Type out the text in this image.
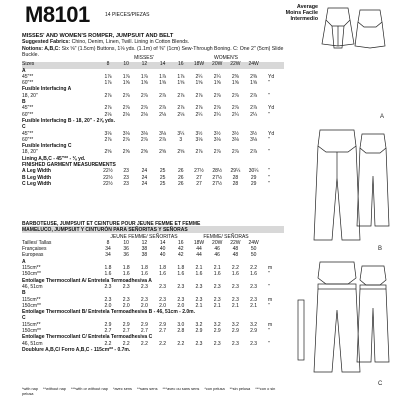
M8101	14 PIECES/PIEZAS
Average
Moins Facile
Intermedio
MISSES' AND WOMEN'S ROMPER, JUMPSUIT AND BELT
Suggested Fabrics: Chino, Denim, Linen, Twill. Lining in Cotton Blends.
Notions: A,B,C: Six ⅝" (1.5cm) Buttons, 1⅛ yds. (1.1m) of ⅜" (1cm) Sew-Through Boning. C: One 2" (5cm) Slide Buckle.
MISSES'	WOMEN'S
Sizes	8	10	12	14	16	18W	20W	22W	24W
A
45"**	1⅞	1⅞	1⅞	1⅞	1⅞	2¼	2¼	2⅜	2⅜	Yd
60"**	1⅞	1⅝	1⅝	1⅝	1⅝	1⅝	1⅝	1⅝	1⅝	"
Fusible Interfacing A
18, 20"	2⅞	2⅞	2⅞	2⅞	2⅞	2⅞	2⅞	2⅞	2⅞	"
B
45"**	2⅞	2⅞	2⅞	2⅞	2⅞	2⅞	2⅞	2⅞	2⅞	Yd
60"**	2⅛	2⅛	2⅛	2⅛	2⅛	2¼	2¼	2¼	2¼	"
Fusible Interfacing B - 18, 20" - 2⅝ yds.
C
45"**	3⅛	3⅛	3⅛	3⅛	3¼	3½	3½	3½	3½	Yd
60"**	2⅞	2⅞	2⅞	2⅞	3	3⅛	3⅛	3⅛	3⅛	"
Fusible Interfacing C
18, 20"	2⅝	2⅝	2⅝	2⅝	2⅝	2⅞	2⅞	2⅞	2⅞	"
Lining A,B,C - 45"** - ⅜ yd.
FINISHED GARMENT MEASUREMENTS
A Leg Width	22½	23	24	25	26	27½	28½	29¼	30¼	"
B Leg Width	22½	23	24	25	26	27	27½	28	29	"
C Leg Width	22½	23	24	25	26	27	27½	28	29	"
BARBOTEUSE, JUMPSUIT ET CEINTURE POUR JEUNE FEMME ET FEMME
MAMELUCO, JUMPSUIT Y CINTURÓN PARA SEÑORITAS Y SEÑORAS
JEUNE FEMME/ SEÑORITAS	FEMME/ SEÑORAS
Tailles/ Tallas	8	10	12	14	16	18W	20W	22W	24W
Françaises	34	36	38	40	42	44	46	48	50
Europeas	34	36	38	40	42	44	46	48	50
A
115cm**	1.8	1.8	1.8	1.8	1.8	2.1	2.1	2.2	2.2	m
150cm**	1.6	1.6	1.6	1.6	1.6	1.6	1.6	1.6	1.6	"
Entoilage Thermocollant A/ Entretela Termoadhesiva A
46, 51cm	2.3	2.3	2.3	2.3	2.3	2.3	2.3	2.3	2.3	"
B
115cm**	2.3	2.3	2.3	2.3	2.3	2.3	2.3	2.3	2.3	m
150cm**	2.0	2.0	2.0	2.0	2.0	2.1	2.1	2.1	2.1	"
Entoilage Thermocollant B/ Entretela Termoadhesiva B - 46, 51cm - 2.0m.
C
115cm**	2.9	2.9	2.9	2.9	3.0	3.2	3.2	3.2	3.2	m
150cm**	2.7	2.7	2.7	2.7	2.8	2.9	2.9	2.9	2.9	"
Entoilage Thermocollant C/ Entretela Termoadhesiva C
46, 51cm	2.2	2.2	2.2	2.2	2.2	2.3	2.3	2.3	2.3	"
Doublure A,B,C/ Forro A,B,C - 115cm** - 0.7m.
*with nap **without nap ***with or without nap *avec sens **sans sens ***avec ou sans sens *con pelusa **sin pelusa ***con o sin pelusa
A
B
C
